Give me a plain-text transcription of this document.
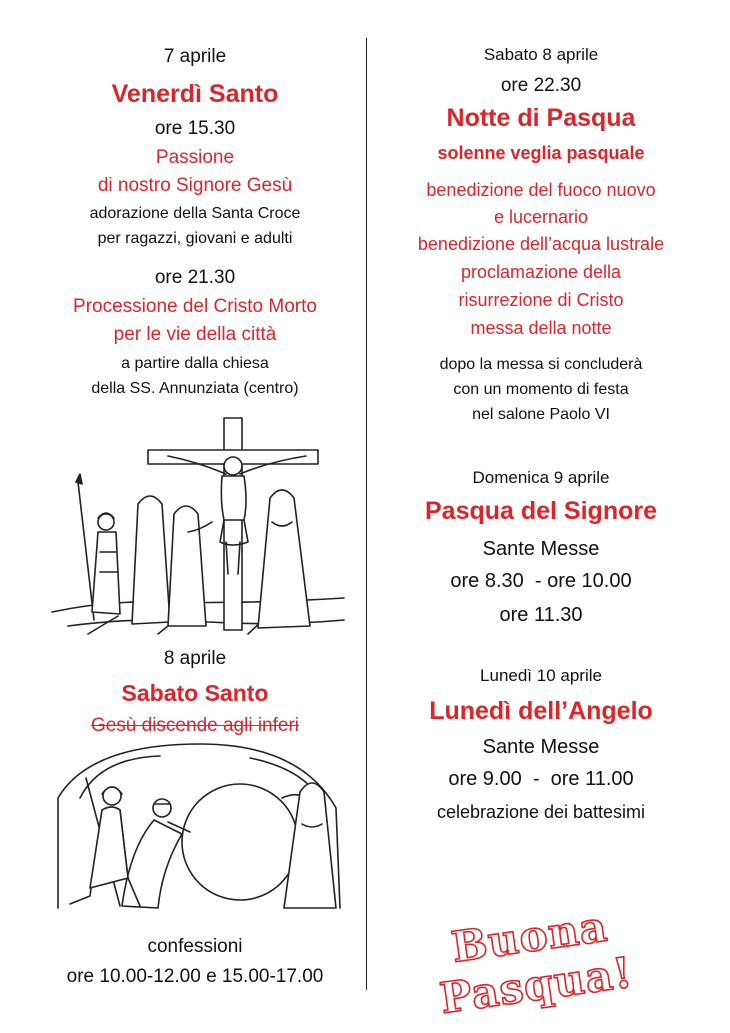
7 aprile
Venerdì Santo
ore 15.30
Passione
di nostro Signore Gesù
adorazione della Santa Croce
per ragazzi, giovani e adulti
ore 21.30
Processione del Cristo Morto
per le vie della città
a partire dalla chiesa
della SS. Annunziata (centro)
8 aprile
Sabato Santo
Gesù discende agli inferi
confessioni
ore 10.00-12.00 e 15.00-17.00
Sabato 8 aprile
ore 22.30
Notte di Pasqua
solenne veglia pasquale
benedizione del fuoco nuovo
e lucernario
benedizione dell’acqua lustrale
proclamazione della
risurrezione di Cristo
messa della notte
dopo la messa si concluderà
con un momento di festa
nel salone Paolo VI
Domenica 9 aprile
Pasqua del Signore
Sante Messe
ore 8.30  - ore 10.00
ore 11.30
Lunedì 10 aprile
Lunedì dell’Angelo
Sante Messe
ore 9.00  -  ore 11.00
celebrazione dei battesimi
Buona Pasqua!
